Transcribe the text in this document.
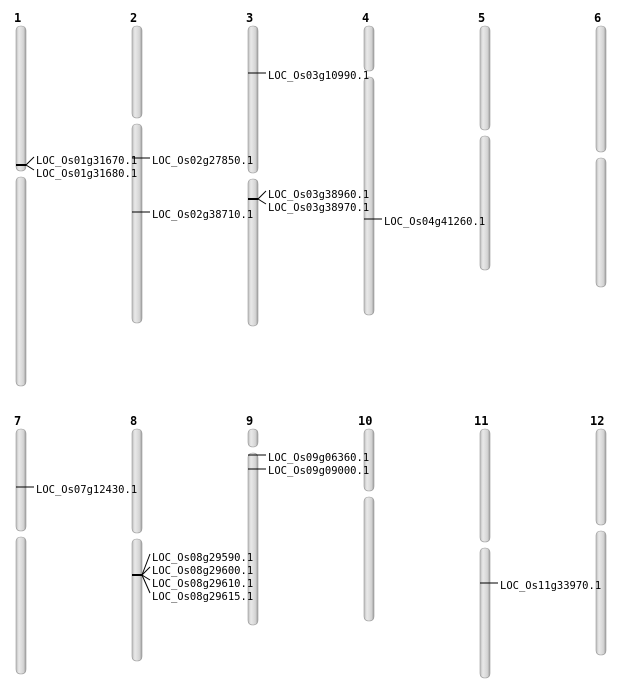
1
LOC_Os01g31670.1
LOC_Os01g31680.1
2
LOC_Os02g27850.1
LOC_Os02g38710.1
3
LOC_Os03g10990.1
LOC_Os03g38960.1
LOC_Os03g38970.1
4
LOC_Os04g41260.1
5	6
7
LOC_Os07g12430.1
8
LOC_Os08g29590.1
LOC_Os08g29600.1
LOC_Os08g29610.1
LOC_Os08g29615.1
9
LOC_Os09g06360.1
LOC_Os09g09000.1
10	11
LOC_Os11g33970.1
12
